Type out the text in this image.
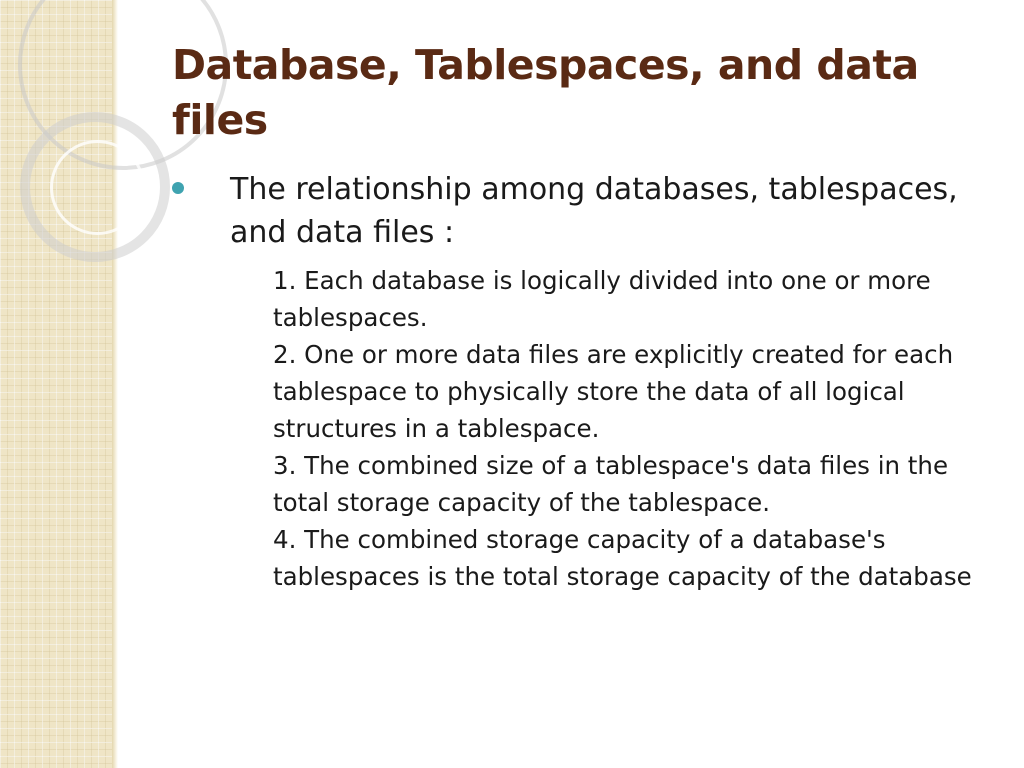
Database, Tablespaces, and data files

The relationship among databases, tablespaces, and data files :

1. Each database is logically divided into one or more tablespaces.

2. One or more data files are explicitly created for each tablespace to physically store the data of all logical structures in a tablespace.

3. The combined size of a tablespace's data files in the total storage capacity of the tablespace.

4. The combined storage capacity of a database's tablespaces is the total storage capacity of the database
